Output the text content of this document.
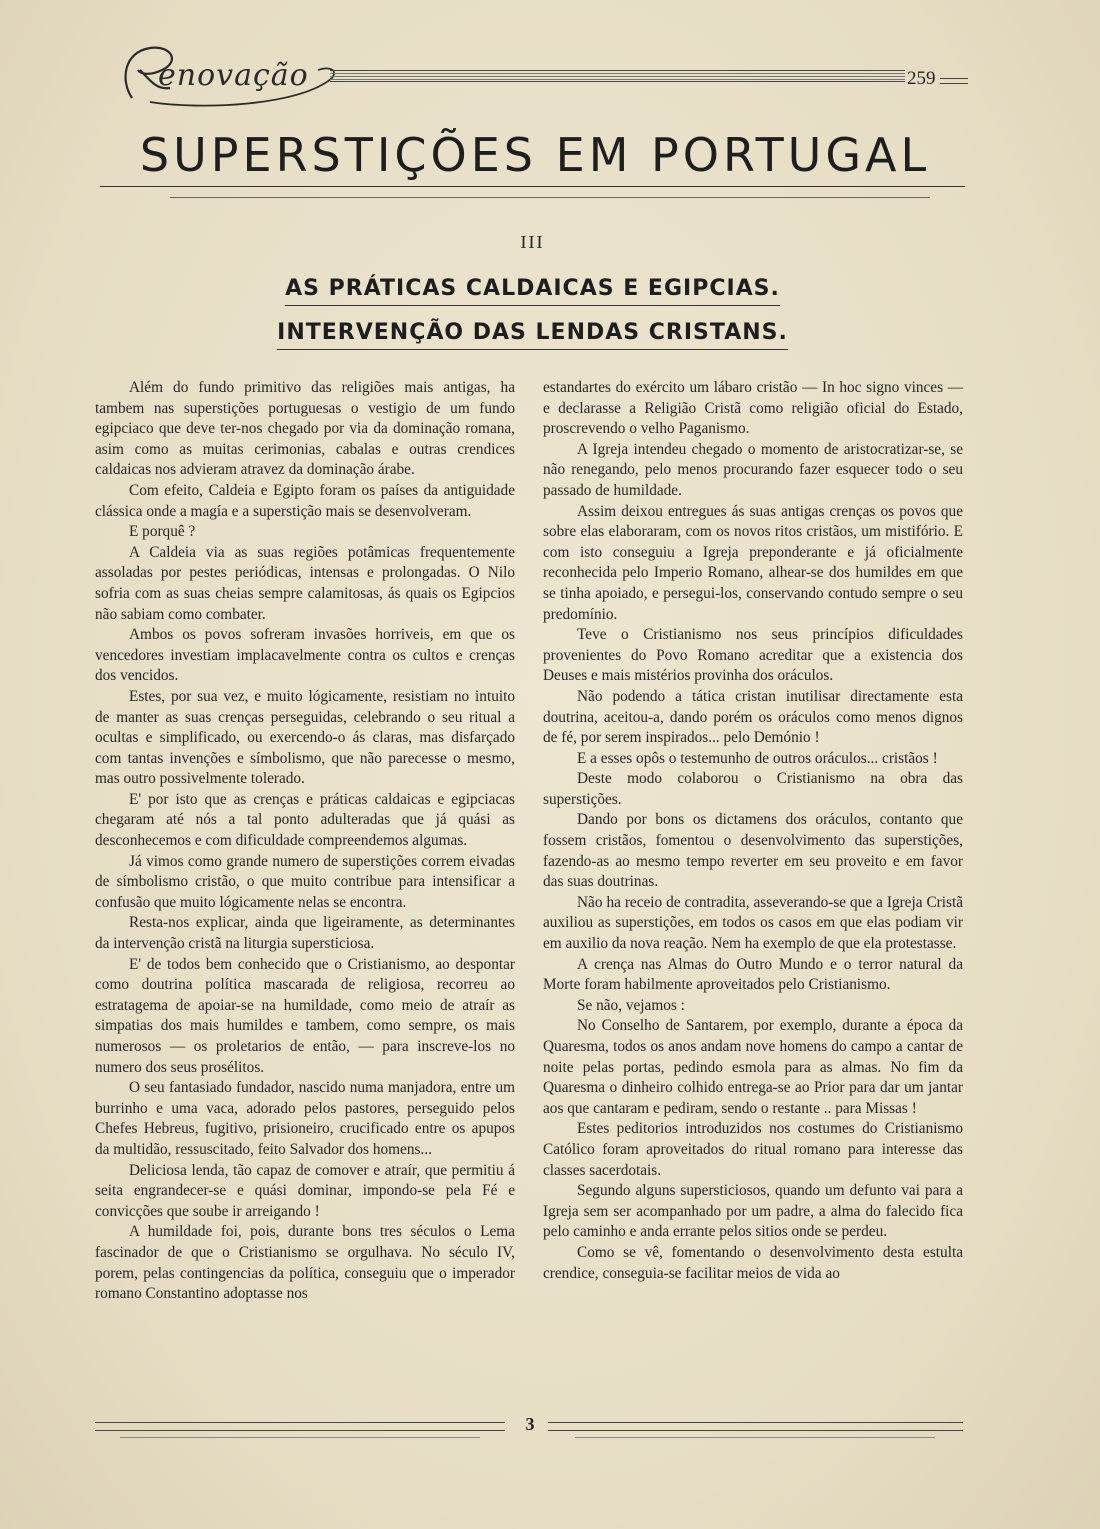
enovação	259
SUPERSTIÇÕES EM PORTUGAL
III
AS PRÁTICAS CALDAICAS E EGIPCIAS.
INTERVENÇÃO DAS LENDAS CRISTANS.

Além do fundo primitivo das religiões mais antigas, ha tambem nas superstições portuguesas o vestigio de um fundo egipciaco que deve ter-nos chegado por via da dominação romana, asim como as muitas cerimonias, cabalas e outras crendices caldaicas nos advieram atravez da dominação árabe.

Com efeito, Caldeia e Egipto foram os países da antiguidade clássica onde a magía e a superstição mais se desenvolveram.

E porquê ?

A Caldeia via as suas regiões potâmicas frequentemente assoladas por pestes periódicas, intensas e prolongadas. O Nilo sofria com as suas cheias sempre calamitosas, ás quais os Egipcios não sabiam como combater.

Ambos os povos sofreram invasões horriveis, em que os vencedores investiam implacavelmente contra os cultos e crenças dos vencidos.

Estes, por sua vez, e muito lógicamente, resistiam no intuito de manter as suas crenças perseguidas, celebrando o seu ritual a ocultas e simplificado, ou exercendo-o ás claras, mas disfarçado com tantas invenções e símbolismo, que não parecesse o mesmo, mas outro possivelmente tolerado.

E' por isto que as crenças e práticas caldaicas e egipciacas chegaram até nós a tal ponto adulteradas que já quási as desconhecemos e com dificuldade compreendemos algumas.

Já vimos como grande numero de superstições correm eivadas de símbolismo cristão, o que muito contribue para intensificar a confusão que muito lógicamente nelas se encontra.

Resta-nos explicar, ainda que ligeiramente, as determinantes da intervenção cristã na liturgia supersticiosa.

E' de todos bem conhecido que o Cristianismo, ao despontar como doutrina política mascarada de religiosa, recorreu ao estratagema de apoiar-se na humildade, como meio de atraír as simpatias dos mais humildes e tambem, como sempre, os mais numerosos — os proletarios de então, — para inscreve-los no numero dos seus prosélitos.

O seu fantasiado fundador, nascido numa manjadora, entre um burrinho e uma vaca, adorado pelos pastores, perseguido pelos Chefes Hebreus, fugitivo, prisioneiro, crucificado entre os apupos da multidão, ressuscitado, feito Salvador dos homens...

Deliciosa lenda, tão capaz de comover e atraír, que permitiu á seita engrandecer-se e quási dominar, impondo-se pela Fé e convicções que soube ir arreigando !

A humildade foi, pois, durante bons tres séculos o Lema fascinador de que o Cristianismo se orgulhava. No século IV, porem, pelas contingencias da política, conseguiu que o imperador romano Constantino adoptasse nos

estandartes do exército um lábaro cristão — In hoc signo vinces — e declarasse a Religião Cristã como religião oficial do Estado, proscrevendo o velho Paganismo.

A Igreja intendeu chegado o momento de aristocratizar-se, se não renegando, pelo menos procurando fazer esquecer todo o seu passado de humildade.

Assim deixou entregues ás suas antigas crenças os povos que sobre elas elaboraram, com os novos ritos cristãos, um mistifório. E com isto conseguiu a Igreja preponderante e já oficialmente reconhecida pelo Imperio Romano, alhear-se dos humildes em que se tinha apoiado, e persegui-los, conservando contudo sempre o seu predomínio.

Teve o Cristianismo nos seus princípios dificuldades provenientes do Povo Romano acreditar que a existencia dos Deuses e mais mistérios provinha dos oráculos.

Não podendo a tática cristan inutilisar directamente esta doutrina, aceitou-a, dando porém os oráculos como menos dignos de fé, por serem inspirados... pelo Demónio !

E a esses opôs o testemunho de outros oráculos... cristãos !

Deste modo colaborou o Cristianismo na obra das superstições.

Dando por bons os dictamens dos oráculos, contanto que fossem cristãos, fomentou o desenvolvimento das superstições, fazendo-as ao mesmo tempo reverter em seu proveito e em favor das suas doutrinas.

Não ha receio de contradita, asseverando-se que a Igreja Cristã auxiliou as superstições, em todos os casos em que elas podiam vir em auxilio da nova reação. Nem ha exemplo de que ela protestasse.

A crença nas Almas do Outro Mundo e o terror natural da Morte foram habilmente aproveitados pelo Cristianismo.

Se não, vejamos :

No Conselho de Santarem, por exemplo, durante a época da Quaresma, todos os anos andam nove homens do campo a cantar de noite pelas portas, pedindo esmola para as almas. No fim da Quaresma o dinheiro colhido entrega-se ao Prior para dar um jantar aos que cantaram e pediram, sendo o restante .. para Missas !

Estes peditorios introduzidos nos costumes do Cristianismo Católico foram aproveitados do ritual romano para interesse das classes sacerdotais.

Segundo alguns supersticiosos, quando um defunto vai para a Igreja sem ser acompanhado por um padre, a alma do falecido fica pelo caminho e anda errante pelos sitios onde se perdeu.

Como se vê, fomentando o desenvolvimento desta estulta crendice, conseguia-se facilitar meios de vida ao

3
